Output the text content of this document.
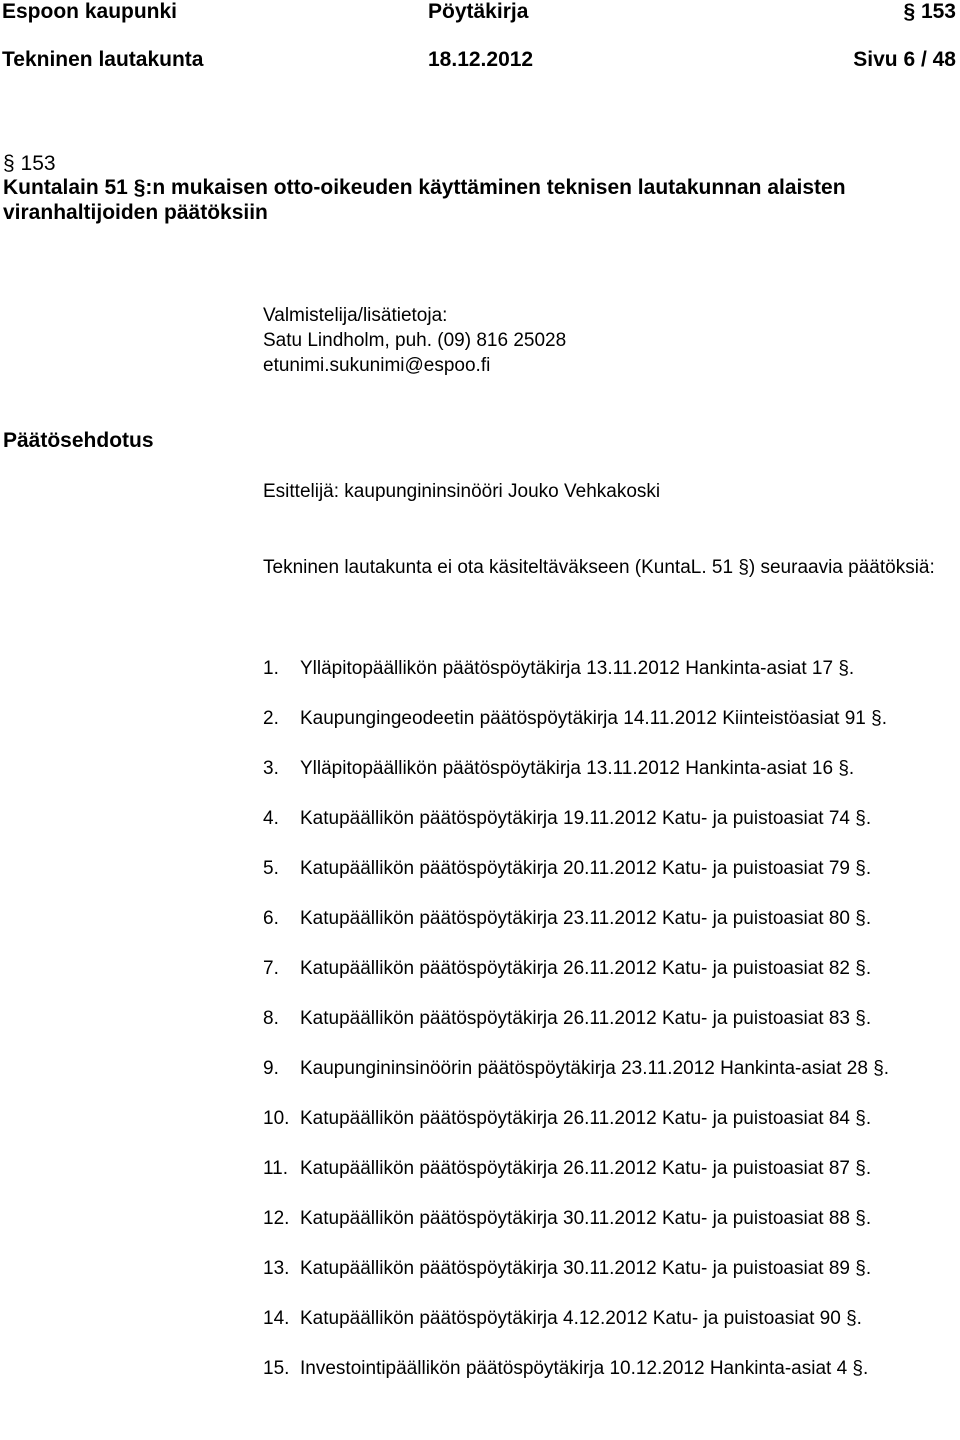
Espoon kaupunki	Pöytäkirja	§ 153
Tekninen lautakunta	18.12.2012	Sivu 6 / 48
§ 153
Kuntalain 51 §:n mukaisen otto-oikeuden käyttäminen teknisen lautakunnan alaisten viranhaltijoiden päätöksiin
Valmistelija/lisätietoja:
Satu Lindholm, puh. (09) 816 25028
etunimi.sukunimi@espoo.fi
Päätösehdotus
Esittelijä: kaupungininsinööri Jouko Vehkakoski
Tekninen lautakunta ei ota käsiteltäväkseen (KuntaL. 51 §) seuraavia päätöksiä:
1. Ylläpitopäällikön päätöspöytäkirja 13.11.2012 Hankinta-asiat 17 §.
2. Kaupungingeodeetin päätöspöytäkirja 14.11.2012 Kiinteistöasiat 91 §.
3. Ylläpitopäällikön päätöspöytäkirja 13.11.2012 Hankinta-asiat 16 §.
4. Katupäällikön päätöspöytäkirja 19.11.2012 Katu- ja puistoasiat 74 §.
5. Katupäällikön päätöspöytäkirja 20.11.2012 Katu- ja puistoasiat 79 §.
6. Katupäällikön päätöspöytäkirja 23.11.2012 Katu- ja puistoasiat 80 §.
7. Katupäällikön päätöspöytäkirja 26.11.2012 Katu- ja puistoasiat 82 §.
8. Katupäällikön päätöspöytäkirja 26.11.2012 Katu- ja puistoasiat 83 §.
9. Kaupungininsinöörin päätöspöytäkirja 23.11.2012 Hankinta-asiat 28 §.
10. Katupäällikön päätöspöytäkirja 26.11.2012 Katu- ja puistoasiat 84 §.
11. Katupäällikön päätöspöytäkirja 26.11.2012 Katu- ja puistoasiat 87 §.
12. Katupäällikön päätöspöytäkirja 30.11.2012 Katu- ja puistoasiat 88 §.
13. Katupäällikön päätöspöytäkirja 30.11.2012 Katu- ja puistoasiat 89 §.
14. Katupäällikön päätöspöytäkirja 4.12.2012 Katu- ja puistoasiat 90 §.
15. Investointipäällikön päätöspöytäkirja 10.12.2012 Hankinta-asiat 4 §.
